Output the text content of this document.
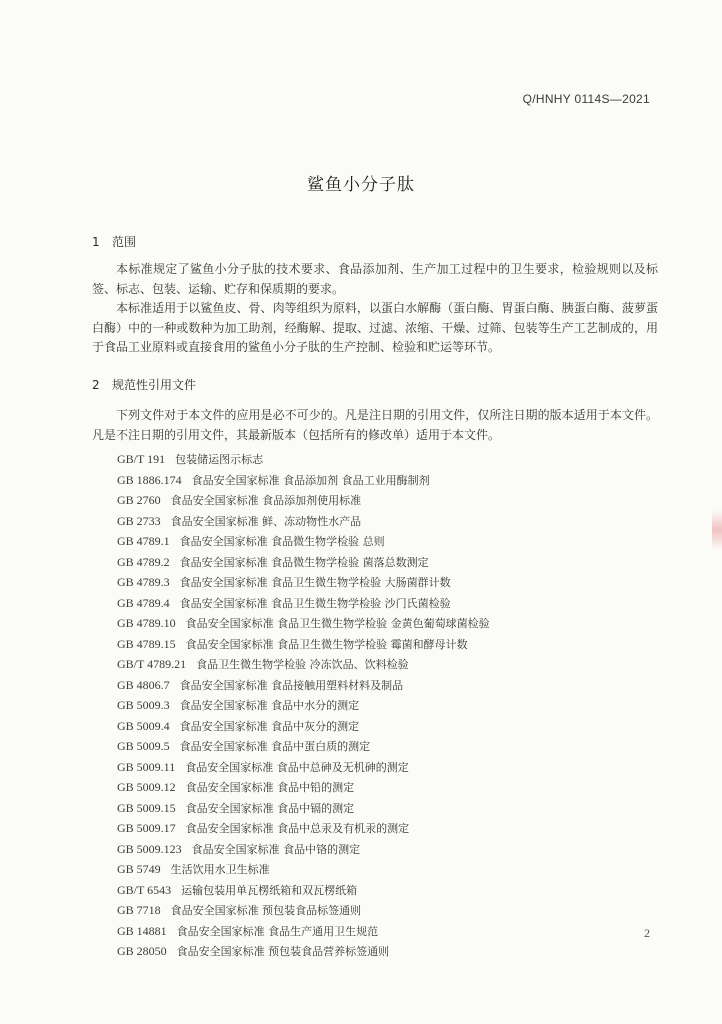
Q/HNHY 0114S—2021
鲨鱼小分子肽
1 范围
本标准规定了鲨鱼小分子肽的技术要求、食品添加剂、生产加工过程中的卫生要求，检验规则以及标签、标志、包装、运输、贮存和保质期的要求。
本标准适用于以鲨鱼皮、骨、肉等组织为原料，以蛋白水解酶（蛋白酶、胃蛋白酶、胰蛋白酶、菠萝蛋白酶）中的一种或数种为加工助剂，经酶解、提取、过滤、浓缩、干燥、过筛、包装等生产工艺制成的，用于食品工业原料或直接食用的鲨鱼小分子肽的生产控制、检验和贮运等环节。
2 规范性引用文件
下列文件对于本文件的应用是必不可少的。凡是注日期的引用文件，仅所注日期的版本适用于本文件。凡是不注日期的引用文件，其最新版本（包括所有的修改单）适用于本文件。
GB/T 191 包装储运图示标志
GB 1886.174 食品安全国家标准 食品添加剂 食品工业用酶制剂
GB 2760 食品安全国家标准 食品添加剂使用标准
GB 2733 食品安全国家标准 鲜、冻动物性水产品
GB 4789.1 食品安全国家标准 食品微生物学检验 总则
GB 4789.2 食品安全国家标准 食品微生物学检验 菌落总数测定
GB 4789.3 食品安全国家标准 食品卫生微生物学检验 大肠菌群计数
GB 4789.4 食品安全国家标准 食品卫生微生物学检验 沙门氏菌检验
GB 4789.10 食品安全国家标准 食品卫生微生物学检验 金黄色葡萄球菌检验
GB 4789.15 食品安全国家标准 食品卫生微生物学检验 霉菌和酵母计数
GB/T 4789.21 食品卫生微生物学检验 冷冻饮品、饮料检验
GB 4806.7 食品安全国家标准 食品接触用塑料材料及制品
GB 5009.3 食品安全国家标准 食品中水分的测定
GB 5009.4 食品安全国家标准 食品中灰分的测定
GB 5009.5 食品安全国家标准 食品中蛋白质的测定
GB 5009.11 食品安全国家标准 食品中总砷及无机砷的测定
GB 5009.12 食品安全国家标准 食品中铅的测定
GB 5009.15 食品安全国家标准 食品中镉的测定
GB 5009.17 食品安全国家标准 食品中总汞及有机汞的测定
GB 5009.123 食品安全国家标准 食品中铬的测定
GB 5749 生活饮用水卫生标准
GB/T 6543 运输包装用单瓦楞纸箱和双瓦楞纸箱
GB 7718 食品安全国家标准 预包装食品标签通则
GB 14881 食品安全国家标准 食品生产通用卫生规范
GB 28050 食品安全国家标准 预包装食品营养标签通则
2
